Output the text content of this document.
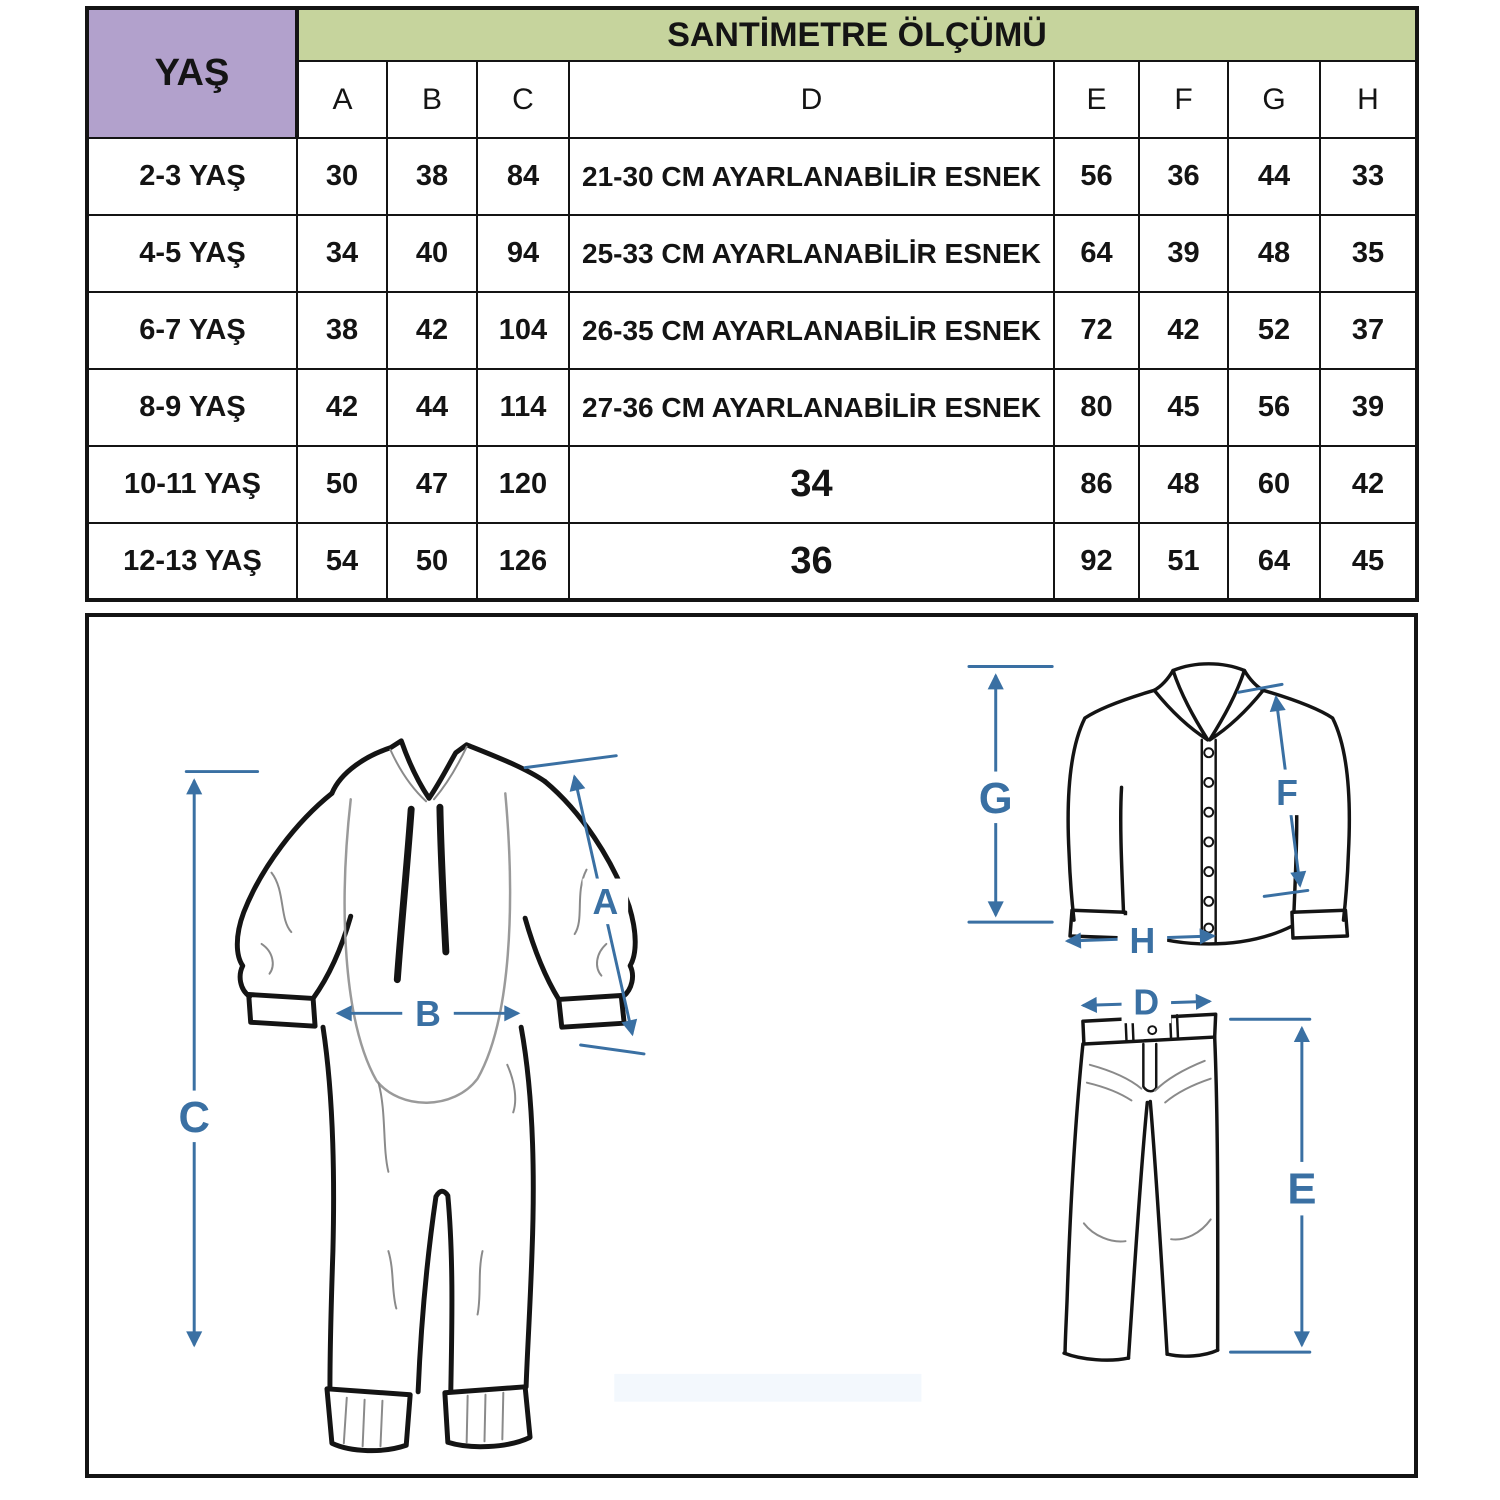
YAŞ	SANTİMETRE ÖLÇÜMÜ							
	A	B	C	D	E	F	G	H
2-3 YAŞ	30	38	84	21-30 CM AYARLANABİLİR ESNEK	56	36	44	33
4-5 YAŞ	34	40	94	25-33 CM AYARLANABİLİR ESNEK	64	39	48	35
6-7 YAŞ	38	42	104	26-35 CM AYARLANABİLİR ESNEK	72	42	52	37
8-9 YAŞ	42	44	114	27-36 CM AYARLANABİLİR ESNEK	80	45	56	39
10-11 YAŞ	50	47	120	34	86	48	60	42
12-13 YAŞ	54	50	126	36	92	51	64	45
C
A
B
G	F
H
D
E
